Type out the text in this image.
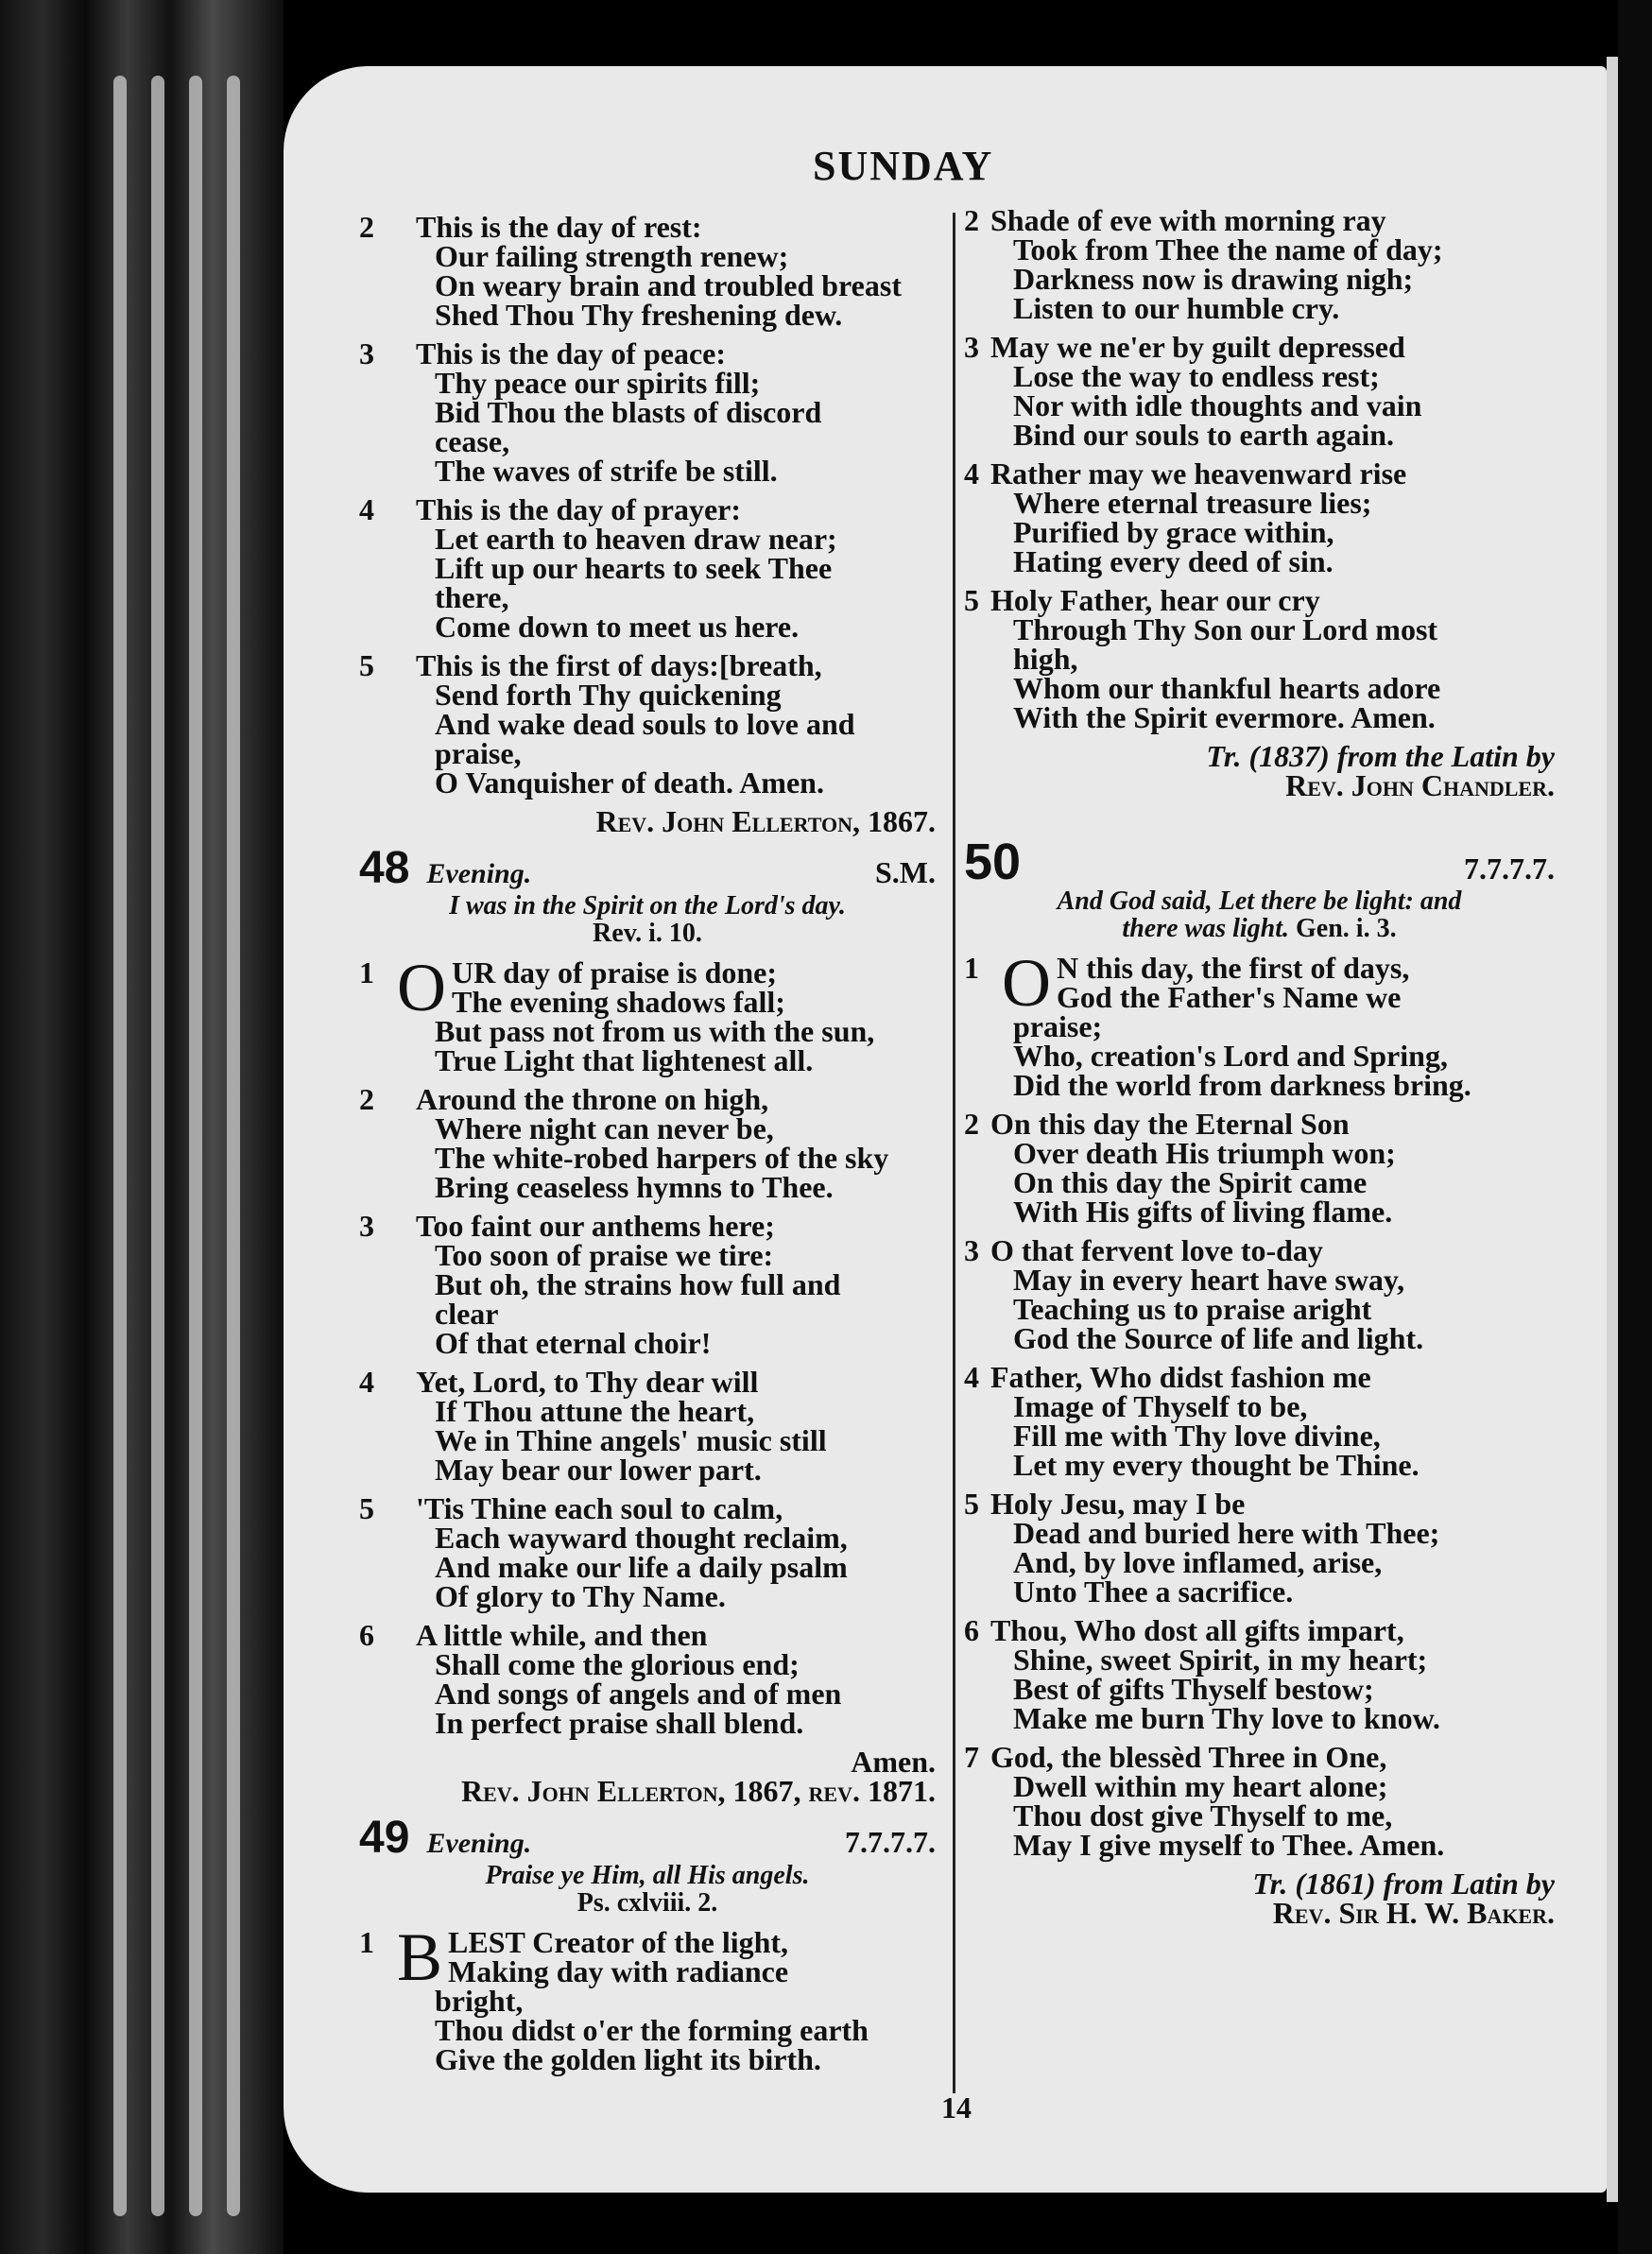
SUNDAY
2	This is the day of rest:
Our failing strength renew;
On weary brain and troubled breast
Shed Thou Thy freshening dew.
3	This is the day of peace:
Thy peace our spirits fill;
Bid Thou the blasts of discord
cease,
The waves of strife be still.
4	This is the day of prayer:
Let earth to heaven draw near;
Lift up our hearts to seek Thee
there,
Come down to meet us here.
5	This is the first of days:[breath,
Send forth Thy quickening
And wake dead souls to love and
praise,
O Vanquisher of death. Amen.
Rev. John Ellerton, 1867.
48 Evening.	S.M.
I was in the Spirit on the Lord's day.
Rev. i. 10.
1 O UR day of praise is done;
The evening shadows fall;
But pass not from us with the sun,
True Light that lightenest all.
2	Around the throne on high,
Where night can never be,
The white-robed harpers of the sky
Bring ceaseless hymns to Thee.
3	Too faint our anthems here;
Too soon of praise we tire:
But oh, the strains how full and
clear
Of that eternal choir!
4	Yet, Lord, to Thy dear will
If Thou attune the heart,
We in Thine angels' music still
May bear our lower part.
5	'Tis Thine each soul to calm,
Each wayward thought reclaim,
And make our life a daily psalm
Of glory to Thy Name.
6	A little while, and then
Shall come the glorious end;
And songs of angels and of men
In perfect praise shall blend.
Amen.
Rev. John Ellerton, 1867, rev. 1871.
49 Evening.	7.7.7.7.
Praise ye Him, all His angels.
Ps. cxlviii. 2.
1 B LEST Creator of the light,
Making day with radiance
bright,
Thou didst o'er the forming earth
Give the golden light its birth.
2 Shade of eve with morning ray
Took from Thee the name of day;
Darkness now is drawing nigh;
Listen to our humble cry.
3 May we ne'er by guilt depressed
Lose the way to endless rest;
Nor with idle thoughts and vain
Bind our souls to earth again.
4 Rather may we heavenward rise
Where eternal treasure lies;
Purified by grace within,
Hating every deed of sin.
5 Holy Father, hear our cry
Through Thy Son our Lord most
high,
Whom our thankful hearts adore
With the Spirit evermore. Amen.
Tr. (1837) from the Latin by
Rev. John Chandler.
50	7.7.7.7.
And God said, Let there be light: and
there was light. Gen. i. 3.
1 O N this day, the first of days,
God the Father's Name we
praise;
Who, creation's Lord and Spring,
Did the world from darkness bring.
2 On this day the Eternal Son
Over death His triumph won;
On this day the Spirit came
With His gifts of living flame.
3 O that fervent love to-day
May in every heart have sway,
Teaching us to praise aright
God the Source of life and light.
4 Father, Who didst fashion me
Image of Thyself to be,
Fill me with Thy love divine,
Let my every thought be Thine.
5 Holy Jesu, may I be
Dead and buried here with Thee;
And, by love inflamed, arise,
Unto Thee a sacrifice.
6 Thou, Who dost all gifts impart,
Shine, sweet Spirit, in my heart;
Best of gifts Thyself bestow;
Make me burn Thy love to know.
7 God, the blessèd Three in One,
Dwell within my heart alone;
Thou dost give Thyself to me,
May I give myself to Thee. Amen.
Tr. (1861) from Latin by
Rev. Sir H. W. Baker.
14
